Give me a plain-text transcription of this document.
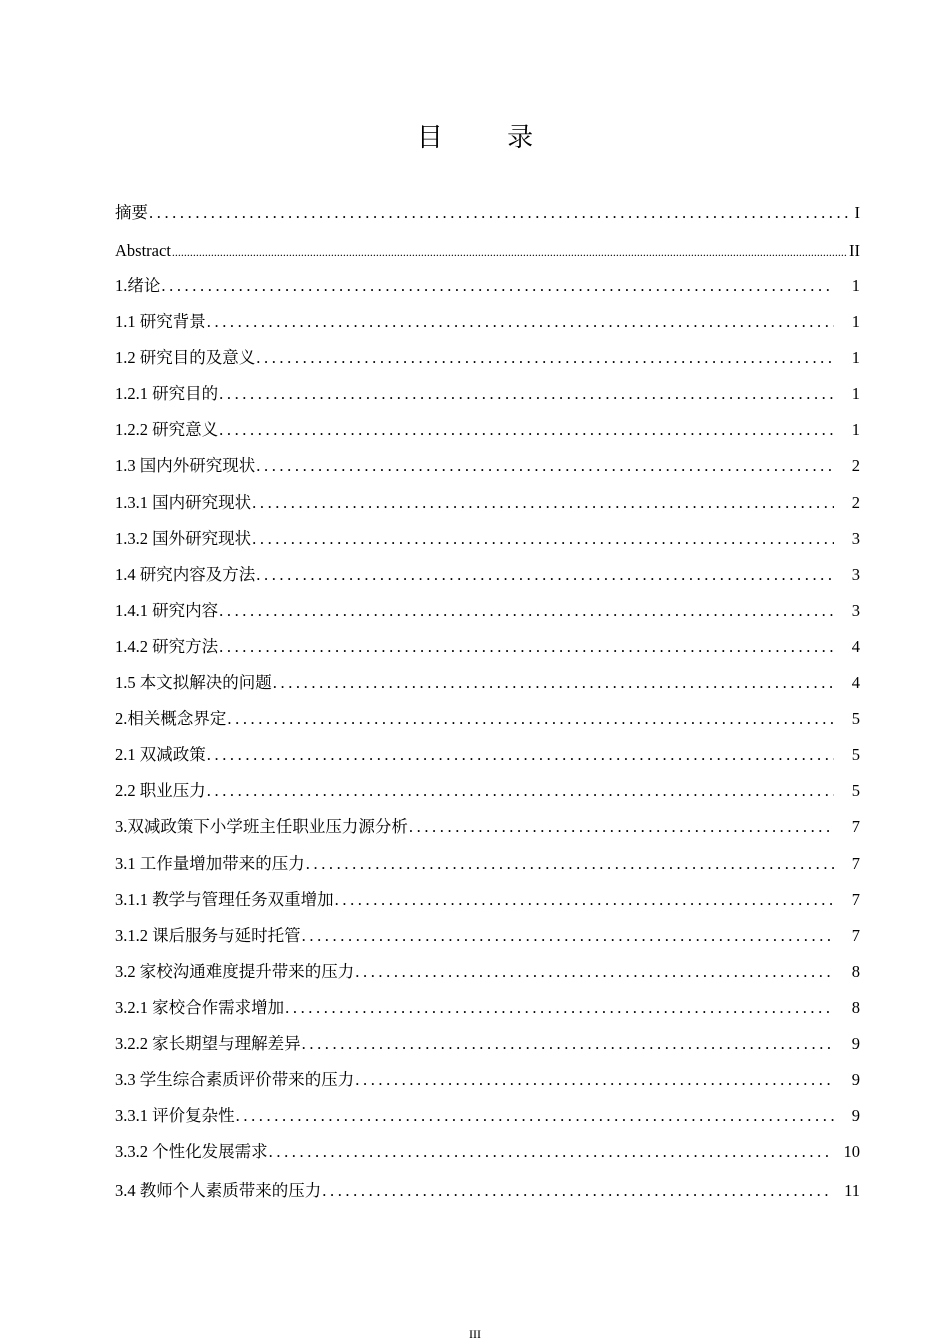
目 录
摘要 .....	I
Abstract .....	II
1.绪论 .....	1
1.1 研究背景 .....	1
1.2 研究目的及意义 .....	1
1.2.1 研究目的 .....	1
1.2.2 研究意义 .....	1
1.3 国内外研究现状 .....	2
1.3.1 国内研究现状 .....	2
1.3.2 国外研究现状 .....	3
1.4 研究内容及方法 .....	3
1.4.1 研究内容 .....	3
1.4.2 研究方法 .....	4
1.5 本文拟解决的问题 .....	4
2.相关概念界定 .....	5
2.1 双减政策 .....	5
2.2 职业压力 .....	5
3.双减政策下小学班主任职业压力源分析 .....	7
3.1 工作量增加带来的压力 .....	7
3.1.1 教学与管理任务双重增加 .....	7
3.1.2 课后服务与延时托管 .....	7
3.2 家校沟通难度提升带来的压力 .....	8
3.2.1 家校合作需求增加 .....	8
3.2.2 家长期望与理解差异 .....	9
3.3 学生综合素质评价带来的压力 .....	9
3.3.1 评价复杂性 .....	9
3.3.2 个性化发展需求 .....	10
3.4 教师个人素质带来的压力 .....	11
III
